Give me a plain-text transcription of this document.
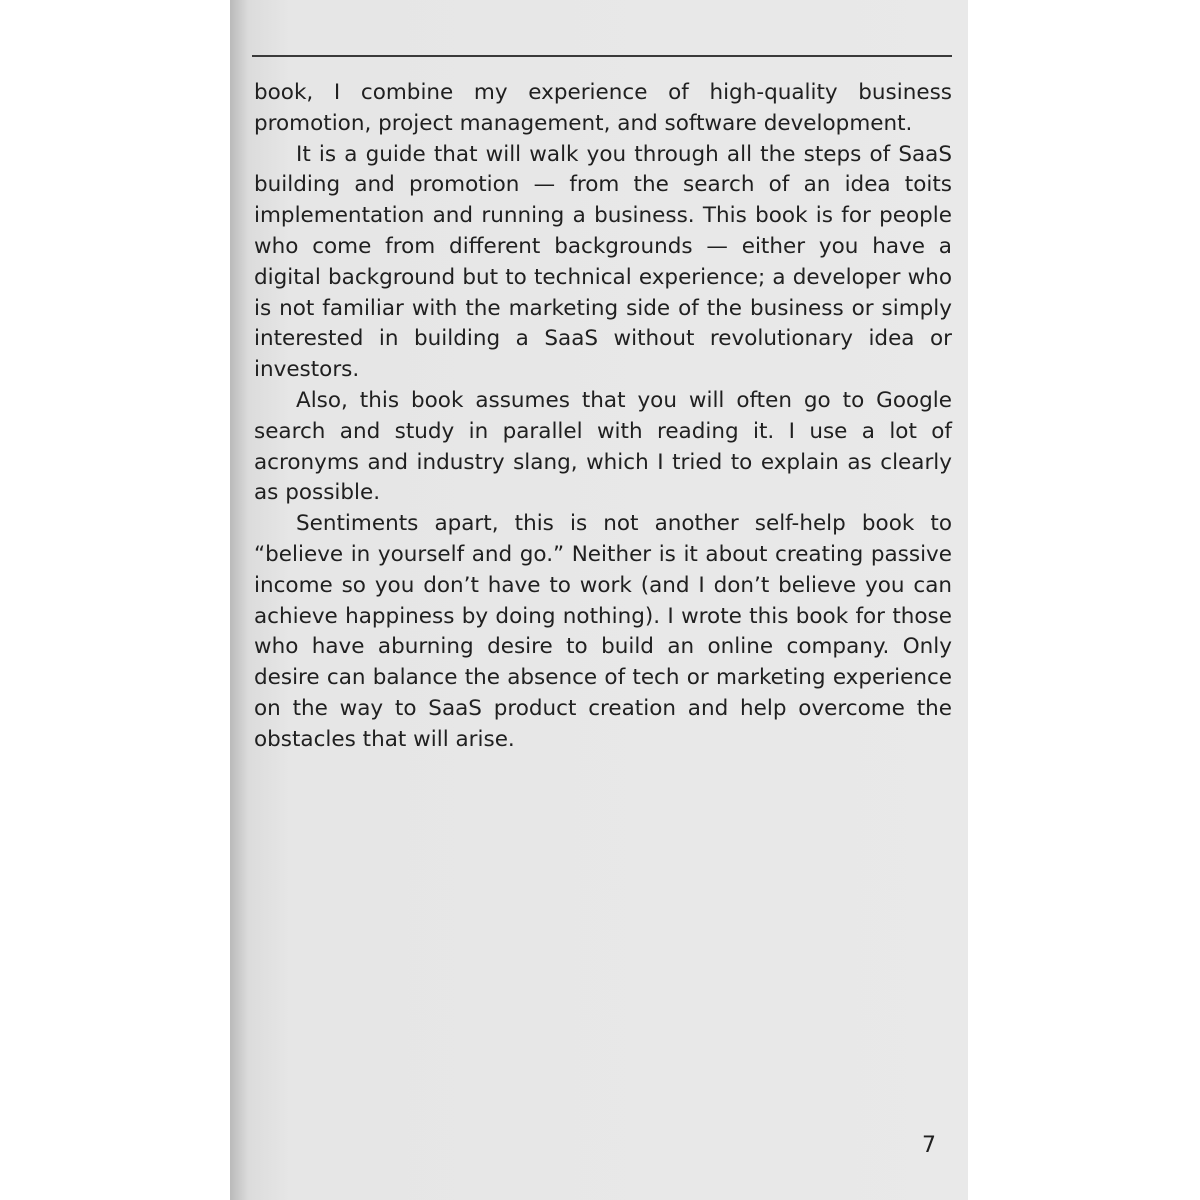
book, I combine my experience of high-quality business promotion, project management, and software development.

It is a guide that will walk you through all the steps of SaaS building and promotion — from the search of an idea toits implementation and running a business. This book is for people who come from different backgrounds — either you have a digital background but to technical experience; a developer who is not familiar with the marketing side of the business or simply interested in building a SaaS without revolutionary idea or investors.

Also, this book assumes that you will often go to Google search and study in parallel with reading it. I use a lot of acronyms and industry slang, which I tried to explain as clearly as possible.

Sentiments apart, this is not another self-help book to “believe in yourself and go.” Neither is it about creating passive income so you don’t have to work (and I don’t believe you can achieve happiness by doing nothing). I wrote this book for those who have aburning desire to build an online company. Only desire can balance the absence of tech or marketing experience on the way to SaaS product creation and help overcome the obstacles that will arise.

7
